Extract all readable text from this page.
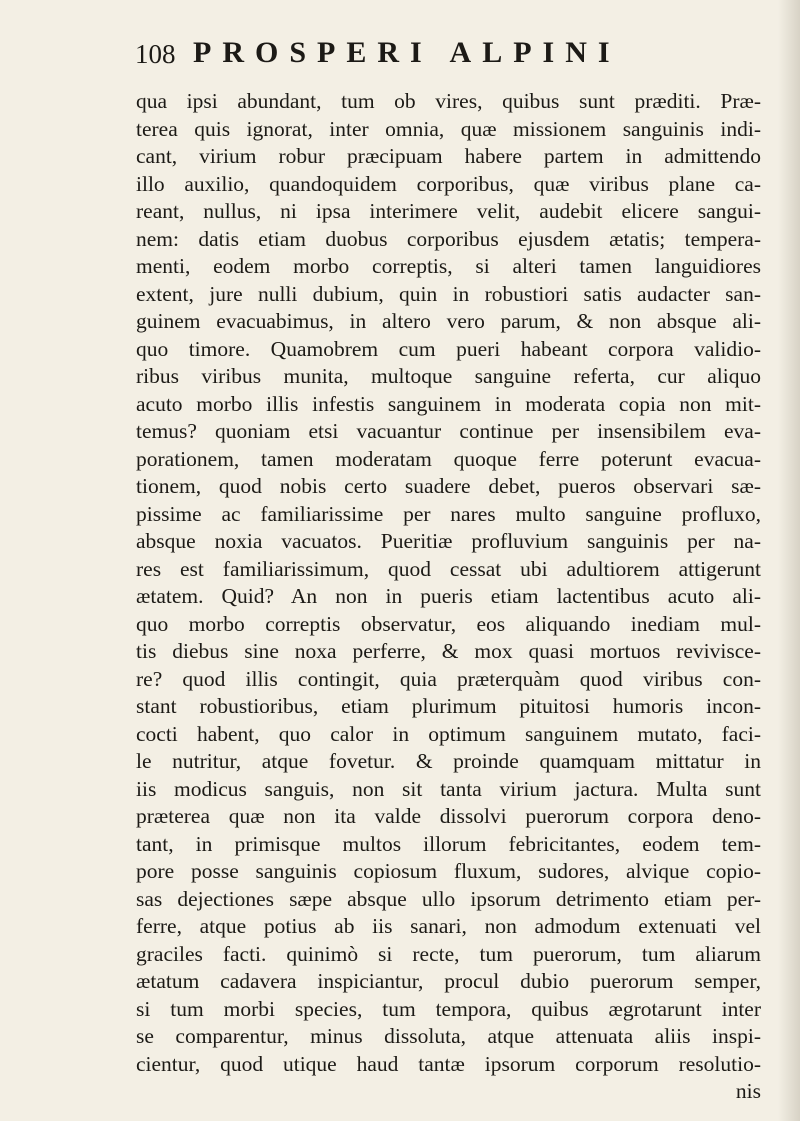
108 PROSPERI ALPINI
qua ipsi abundant, tum ob vires, quibus sunt præditi. Præ-
terea quis ignorat, inter omnia, quæ missionem sanguinis indi-
cant, virium robur præcipuam habere partem in admittendo
illo auxilio, quandoquidem corporibus, quæ viribus plane ca-
reant, nullus, ni ipsa interimere velit, audebit elicere sangui-
nem: datis etiam duobus corporibus ejusdem ætatis; tempera-
menti, eodem morbo correptis, si alteri tamen languidiores
extent, jure nulli dubium, quin in robustiori satis audacter san-
guinem evacuabimus, in altero vero parum, & non absque ali-
quo timore. Quamobrem cum pueri habeant corpora validio-
ribus viribus munita, multoque sanguine referta, cur aliquo
acuto morbo illis infestis sanguinem in moderata copia non mit-
temus? quoniam etsi vacuantur continue per insensibilem eva-
porationem, tamen moderatam quoque ferre poterunt evacua-
tionem, quod nobis certo suadere debet, pueros observari sæ-
pissime ac familiarissime per nares multo sanguine profluxo,
absque noxia vacuatos. Pueritiæ profluvium sanguinis per na-
res est familiarissimum, quod cessat ubi adultiorem attigerunt
ætatem. Quid? An non in pueris etiam lactentibus acuto ali-
quo morbo correptis observatur, eos aliquando inediam mul-
tis diebus sine noxa perferre, & mox quasi mortuos revivisce-
re? quod illis contingit, quia præterquàm quod viribus con-
stant robustioribus, etiam plurimum pituitosi humoris incon-
cocti habent, quo calor in optimum sanguinem mutato, faci-
le nutritur, atque fovetur. & proinde quamquam mittatur in
iis modicus sanguis, non sit tanta virium jactura. Multa sunt
præterea quæ non ita valde dissolvi puerorum corpora deno-
tant, in primisque multos illorum febricitantes, eodem tem-
pore posse sanguinis copiosum fluxum, sudores, alvique copio-
sas dejectiones sæpe absque ullo ipsorum detrimento etiam per-
ferre, atque potius ab iis sanari, non admodum extenuati vel
graciles facti. quinimò si recte, tum puerorum, tum aliarum
ætatum cadavera inspiciantur, procul dubio puerorum semper,
si tum morbi species, tum tempora, quibus ægrotarunt inter
se comparentur, minus dissoluta, atque attenuata aliis inspi-
cientur, quod utique haud tantæ ipsorum corporum resolutio-
nis
